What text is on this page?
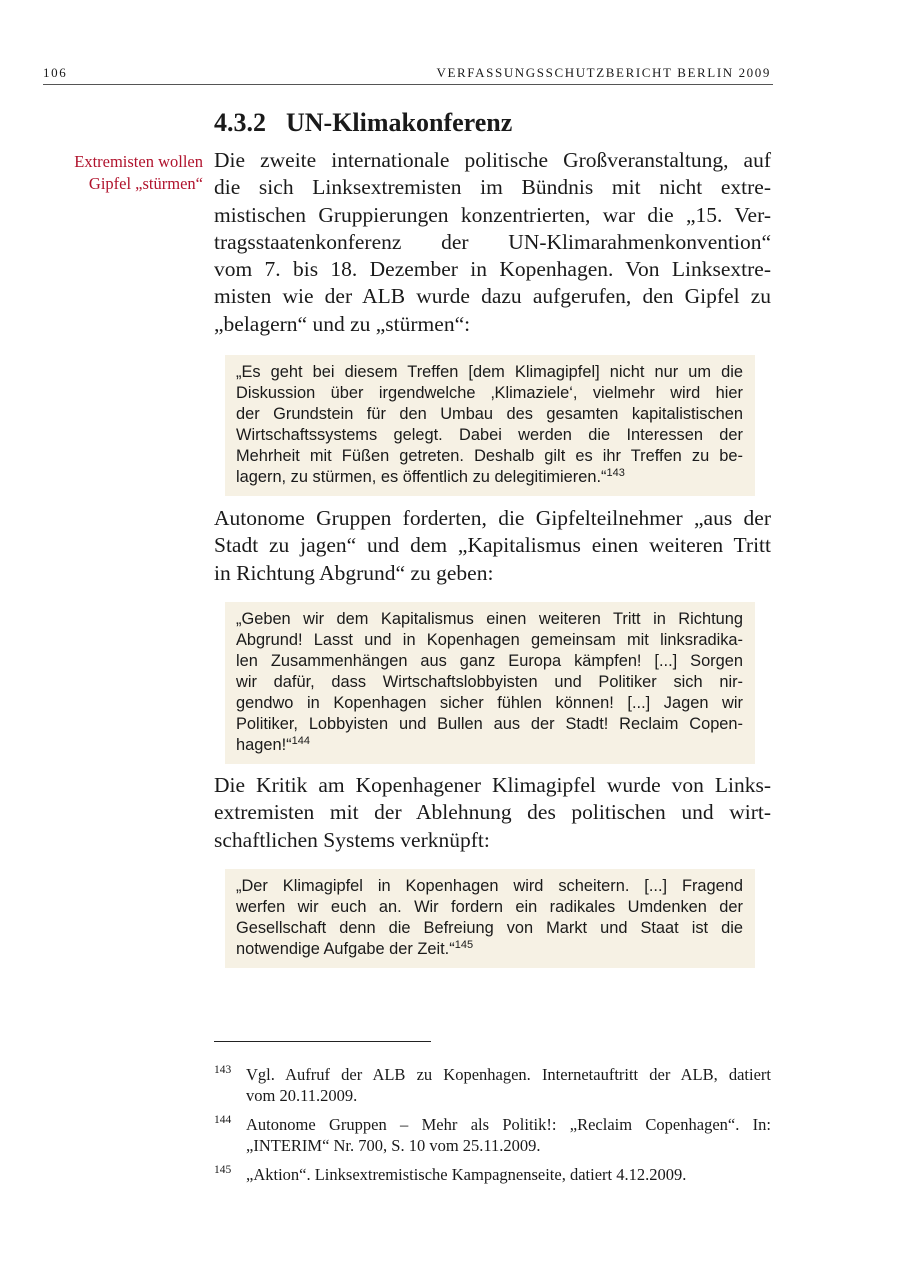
106	VERFASSUNGSSCHUTZBERICHT BERLIN 2009
4.3.2 UN-Klimakonferenz
Extremisten wollen
Gipfel „stürmen“
Die zweite internationale politische Großveranstaltung, auf
die sich Linksextremisten im Bündnis mit nicht extre-
mistischen Gruppierungen konzentrierten, war die „15. Ver-
tragsstaatenkonferenz der UN-Klimarahmenkonvention“
vom 7. bis 18. Dezember in Kopenhagen. Von Linksextre-
misten wie der ALB wurde dazu aufgerufen, den Gipfel zu
„belagern“ und zu „stürmen“:
„Es geht bei diesem Treffen [dem Klimagipfel] nicht nur um die
Diskussion über irgendwelche ‚Klimaziele‘, vielmehr wird hier
der Grundstein für den Umbau des gesamten kapitalistischen
Wirtschaftssystems gelegt. Dabei werden die Interessen der
Mehrheit mit Füßen getreten. Deshalb gilt es ihr Treffen zu be-
lagern, zu stürmen, es öffentlich zu delegitimieren.“$^{143}$
Autonome Gruppen forderten, die Gipfelteilnehmer „aus der
Stadt zu jagen“ und dem „Kapitalismus einen weiteren Tritt
in Richtung Abgrund“ zu geben:
„Geben wir dem Kapitalismus einen weiteren Tritt in Richtung
Abgrund! Lasst und in Kopenhagen gemeinsam mit linksradika-
len Zusammenhängen aus ganz Europa kämpfen! [...] Sorgen
wir dafür, dass Wirtschaftslobbyisten und Politiker sich nir-
gendwo in Kopenhagen sicher fühlen können! [...] Jagen wir
Politiker, Lobbyisten und Bullen aus der Stadt! Reclaim Copen-
hagen!“$^{144}$
Die Kritik am Kopenhagener Klimagipfel wurde von Links-
extremisten mit der Ablehnung des politischen und wirt-
schaftlichen Systems verknüpft:
„Der Klimagipfel in Kopenhagen wird scheitern. [...] Fragend
werfen wir euch an. Wir fordern ein radikales Umdenken der
Gesellschaft denn die Befreiung von Markt und Staat ist die
notwendige Aufgabe der Zeit.“$^{145}$
143 Vgl. Aufruf der ALB zu Kopenhagen. Internetauftritt der ALB, datiert
vom 20.11.2009.
144 Autonome Gruppen – Mehr als Politik!: „Reclaim Copenhagen“. In:
„INTERIM“ Nr. 700, S. 10 vom 25.11.2009.
145 „Aktion“. Linksextremistische Kampagnenseite, datiert 4.12.2009.
